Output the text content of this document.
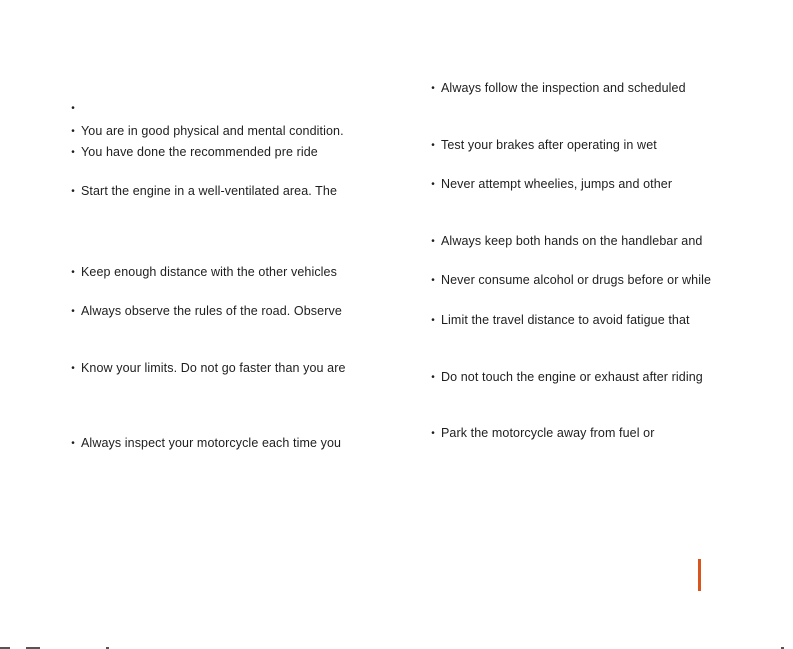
•
• You are in good physical and mental condition.
• You have done the recommended pre ride
• Start the engine in a well-ventilated area. The
• Keep enough distance with the other vehicles
• Always observe the rules of the road. Observe
• Know your limits. Do not go faster than you are
• Always inspect your motorcycle each time you
• Always follow the inspection and scheduled
• Test your brakes after operating in wet
• Never attempt wheelies, jumps and other
• Always keep both hands on the handlebar and
• Never consume alcohol or drugs before or while
• Limit the travel distance to avoid fatigue that
• Do not touch the engine or exhaust after riding
• Park the motorcycle away from fuel or
